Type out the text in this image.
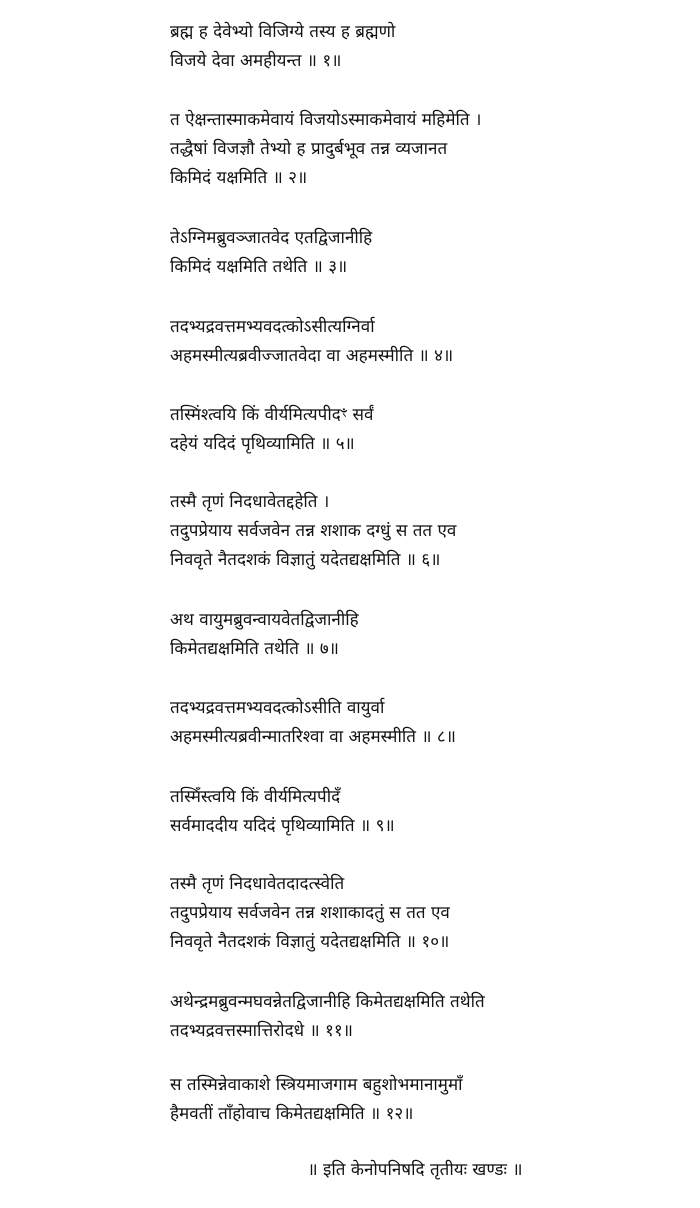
ब्रह्म ह देवेभ्यो विजिग्ये तस्य ह ब्रह्मणो
विजये देवा अमहीयन्त ॥ १॥
त ऐक्षन्तास्माकमेवायं विजयोऽस्माकमेवायं महिमेति ।
तद्धैषां विजज्ञौ तेभ्यो ह प्रादुर्बभूव तन्न व्यजानत
किमिदं यक्षमिति ॥ २॥
तेऽग्निमब्रुवञ्जातवेद एतद्विजानीहि
किमिदं यक्षमिति तथेति ॥ ३॥
तदभ्यद्रवत्तमभ्यवदत्कोऽसीत्यग्निर्वा
अहमस्मीत्यब्रवीज्जातवेदा वा अहमस्मीति ॥ ४॥
तस्मिंश्त्वयि किं वीर्यमित्यपीदꣳ सर्वं
दहेयं यदिदं पृथिव्यामिति ॥ ५॥
तस्मै तृणं निदधावेतद्दहेति ।
तदुपप्रेयाय सर्वजवेन तन्न शशाक दग्धुं स तत एव
निववृते नैतदशकं विज्ञातुं यदेतद्यक्षमिति ॥ ६॥
अथ वायुमब्रुवन्वायवेतद्विजानीहि
किमेतद्यक्षमिति तथेति ॥ ७॥
तदभ्यद्रवत्तमभ्यवदत्कोऽसीति वायुर्वा
अहमस्मीत्यब्रवीन्मातरिश्वा वा अहमस्मीति ॥ ८॥
तस्मिँस्त्वयि किं वीर्यमित्यपीदँ
सर्वमाददीय यदिदं पृथिव्यामिति ॥ ९॥
तस्मै तृणं निदधावेतदादत्स्वेति
तदुपप्रेयाय सर्वजवेन तन्न शशाकादतुं स तत एव
निववृते नैतदशकं विज्ञातुं यदेतद्यक्षमिति ॥ १०॥
अथेन्द्रमब्रुवन्मघवन्नेतद्विजानीहि किमेतद्यक्षमिति तथेति
तदभ्यद्रवत्तस्मात्तिरोदधे ॥ ११॥
स तस्मिन्नेवाकाशे स्त्रियमाजगाम बहुशोभमानामुमाँ
हैमवतीं ताँहोवाच किमेतद्यक्षमिति ॥ १२॥
॥ इति केनोपनिषदि तृतीयः खण्डः ॥
